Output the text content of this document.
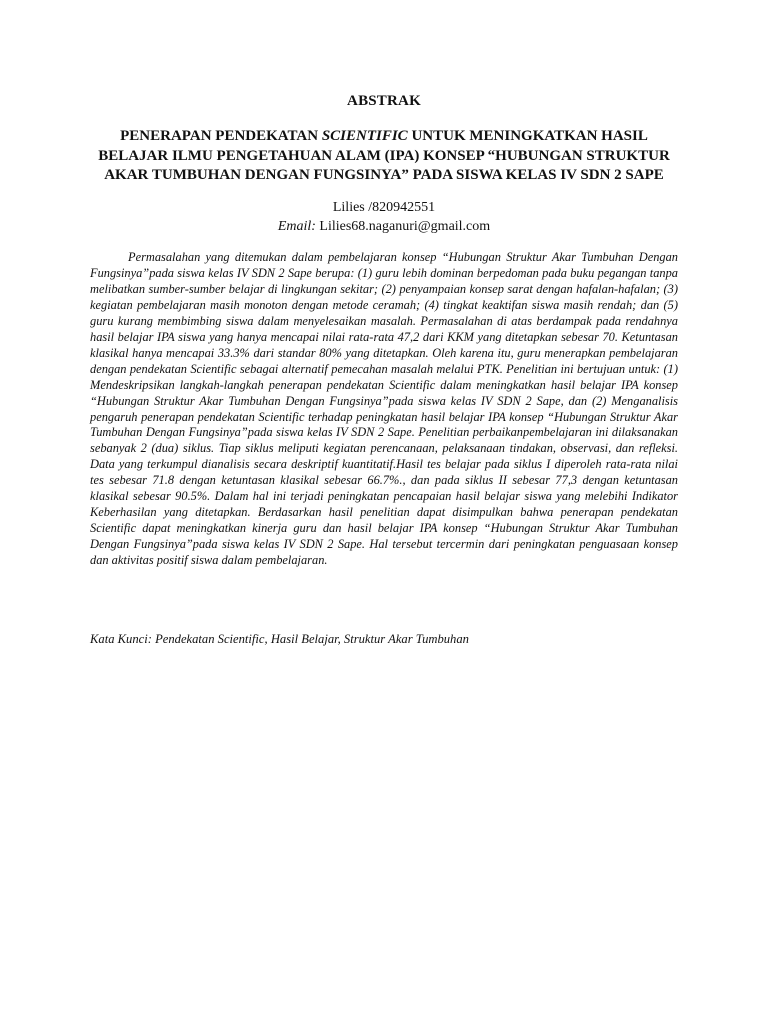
ABSTRAK
PENERAPAN PENDEKATAN SCIENTIFIC UNTUK MENINGKATKAN HASIL BELAJAR ILMU PENGETAHUAN ALAM (IPA) KONSEP “HUBUNGAN STRUKTUR AKAR TUMBUHAN DENGAN FUNGSINYA” PADA SISWA KELAS IV SDN 2 SAPE
Lilies /820942551
Email: Lilies68.naganuri@gmail.com

Permasalahan yang ditemukan dalam pembelajaran konsep “Hubungan Struktur Akar Tumbuhan Dengan Fungsinya”pada siswa kelas IV SDN 2 Sape berupa: (1) guru lebih dominan berpedoman pada buku pegangan tanpa melibatkan sumber-sumber belajar di lingkungan sekitar; (2) penyampaian konsep sarat dengan hafalan-hafalan; (3) kegiatan pembelajaran masih monoton dengan metode ceramah; (4) tingkat keaktifan siswa masih rendah; dan (5) guru kurang membimbing siswa dalam menyelesaikan masalah. Permasalahan di atas berdampak pada rendahnya hasil belajar IPA siswa yang hanya mencapai nilai rata-rata 47,2 dari KKM yang ditetapkan sebesar 70. Ketuntasan klasikal hanya mencapai 33.3% dari standar 80% yang ditetapkan. Oleh karena itu, guru menerapkan pembelajaran dengan pendekatan Scientific sebagai alternatif pemecahan masalah melalui PTK. Penelitian ini bertujuan untuk: (1) Mendeskripsikan langkah-langkah penerapan pendekatan Scientific dalam meningkatkan hasil belajar IPA konsep “Hubungan Struktur Akar Tumbuhan Dengan Fungsinya”pada siswa kelas IV SDN 2 Sape, dan (2) Menganalisis pengaruh penerapan pendekatan Scientific terhadap peningkatan hasil belajar IPA konsep “Hubungan Struktur Akar Tumbuhan Dengan Fungsinya”pada siswa kelas IV SDN 2 Sape. Penelitian perbaikanpembelajaran ini dilaksanakan sebanyak 2 (dua) siklus. Tiap siklus meliputi kegiatan perencanaan, pelaksanaan tindakan, observasi, dan refleksi. Data yang terkumpul dianalisis secara deskriptif kuantitatif.Hasil tes belajar pada siklus I diperoleh rata-rata nilai tes sebesar 71.8 dengan ketuntasan klasikal sebesar 66.7%., dan pada siklus II sebesar 77,3 dengan ketuntasan klasikal sebesar 90.5%. Dalam hal ini terjadi peningkatan pencapaian hasil belajar siswa yang melebihi Indikator Keberhasilan yang ditetapkan. Berdasarkan hasil penelitian dapat disimpulkan bahwa penerapan pendekatan Scientific dapat meningkatkan kinerja guru dan hasil belajar IPA konsep “Hubungan Struktur Akar Tumbuhan Dengan Fungsinya”pada siswa kelas IV SDN 2 Sape. Hal tersebut tercermin dari peningkatan penguasaan konsep dan aktivitas positif siswa dalam pembelajaran.

Kata Kunci: Pendekatan Scientific, Hasil Belajar, Struktur Akar Tumbuhan
